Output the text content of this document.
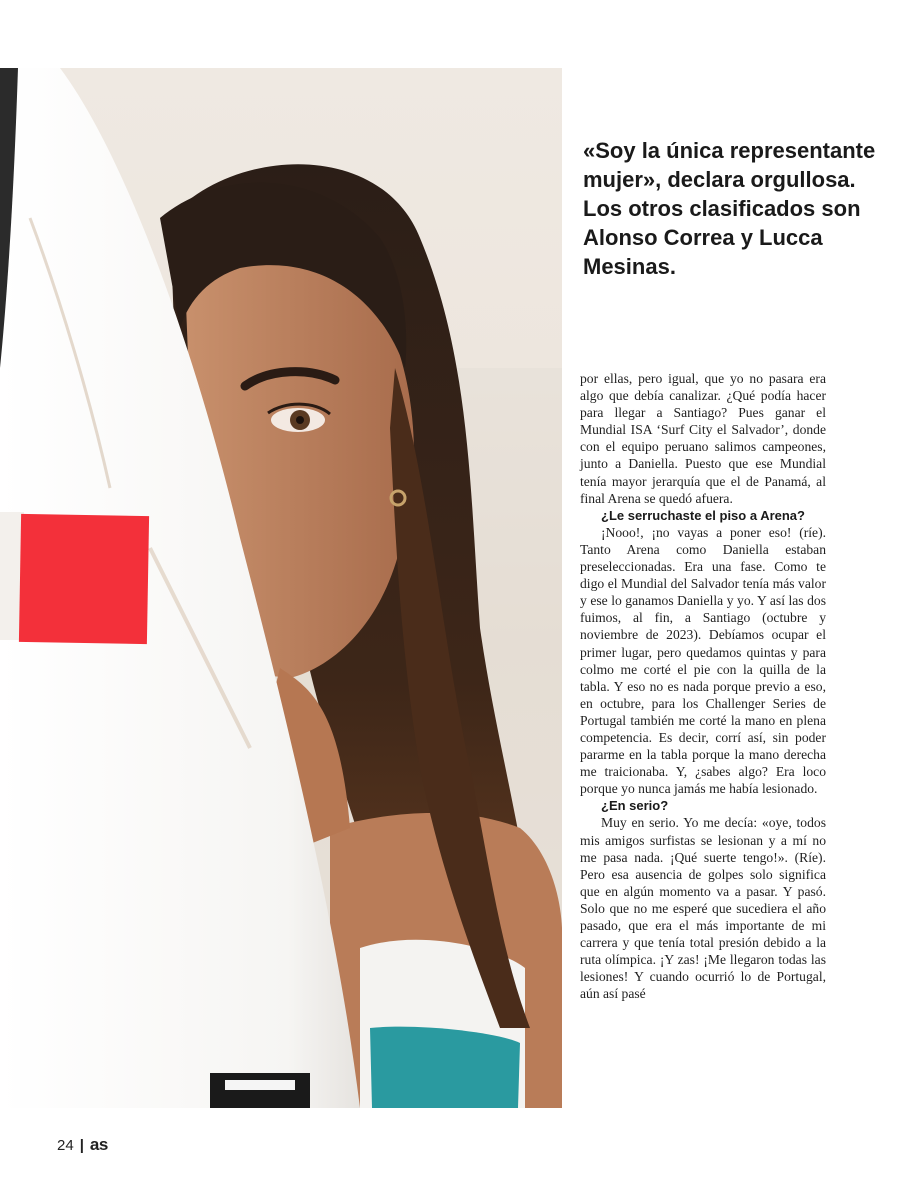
«Soy la única representante mujer», declara orgullosa. Los otros clasificados son Alonso Correa y Lucca Mesinas.

por ellas, pero igual, que yo no pasara era algo que debía canalizar. ¿Qué podía hacer para llegar a Santiago? Pues ganar el Mundial ISA ‘Surf City el Salvador’, donde con el equipo peruano salimos campeones, junto a Daniella. Puesto que ese Mundial tenía mayor jerarquía que el de Panamá, al final Arena se quedó afuera.

¿Le serruchaste el piso a Arena?

¡Nooo!, ¡no vayas a poner eso! (ríe). Tanto Arena como Daniella estaban preseleccionadas. Era una fase. Como te digo el Mundial del Salvador tenía más valor y ese lo ganamos Daniella y yo. Y así las dos fuimos, al fin, a Santiago (octubre y noviembre de 2023). Debíamos ocupar el primer lugar, pero quedamos quintas y para colmo me corté el pie con la quilla de la tabla. Y eso no es nada porque previo a eso, en octubre, para los Challenger Series de Portugal también me corté la mano en plena competencia. Es decir, corrí así, sin poder pararme en la tabla porque la mano derecha me traicionaba. Y, ¿sabes algo? Era loco porque yo nunca jamás me había lesionado.

¿En serio?

Muy en serio. Yo me decía: «oye, todos mis amigos surfistas se lesionan y a mí no me pasa nada. ¡Qué suerte tengo!». (Ríe). Pero esa ausencia de golpes solo significa que en algún momento va a pasar. Y pasó. Solo que no me esperé que sucediera el año pasado, que era el más importante de mi carrera y que tenía total presión debido a la ruta olímpica. ¡Y zas! ¡Me llegaron todas las lesiones! Y cuando ocurrió lo de Portugal, aún así pasé

24 | as
